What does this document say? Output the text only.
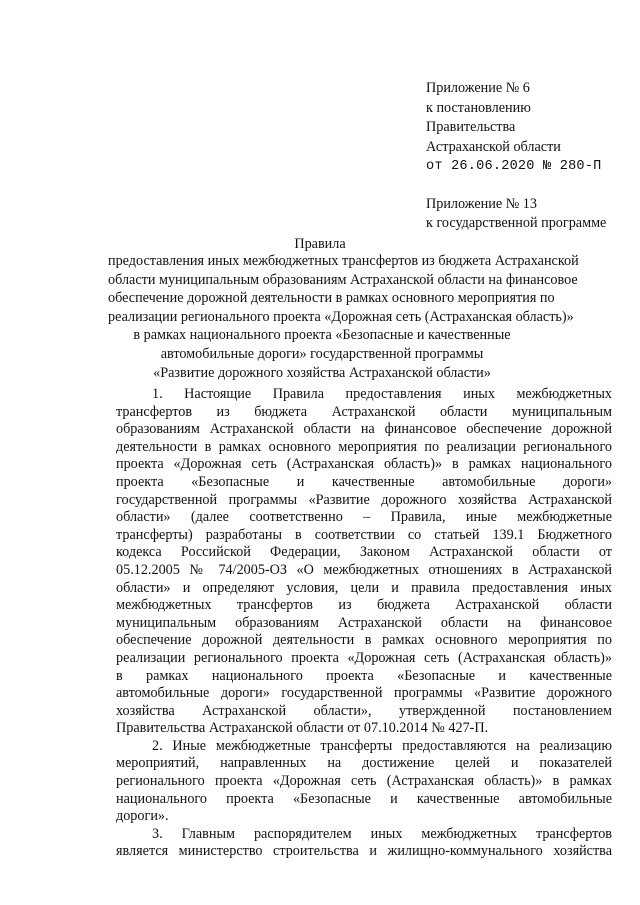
Приложение № 6
к постановлению
Правительства
Астраханской области
от 26.06.2020 № 280-П
Приложение № 13
к государственной программе
Правила
предоставления иных межбюджетных трансфертов из бюджета Астраханской
области муниципальным образованиям Астраханской области на финансовое
обеспечение дорожной деятельности в рамках основного мероприятия по
реализации регионального проекта «Дорожная сеть (Астраханская область)»
в рамках национального проекта «Безопасные и качественные
автомобильные дороги» государственной программы
«Развитие дорожного хозяйства Астраханской области»
1. Настоящие Правила предоставления иных межбюджетных
трансфертов из бюджета Астраханской области муниципальным
образованиям Астраханской области на финансовое обеспечение дорожной
деятельности в рамках основного мероприятия по реализации регионального
проекта «Дорожная сеть (Астраханская область)» в рамках национального
проекта «Безопасные и качественные автомобильные дороги»
государственной программы «Развитие дорожного хозяйства Астраханской
области» (далее соответственно – Правила, иные межбюджетные
трансферты) разработаны в соответствии со статьей 139.1 Бюджетного
кодекса Российской Федерации, Законом Астраханской области от
05.12.2005 № 74/2005-ОЗ «О межбюджетных отношениях в Астраханской
области» и определяют условия, цели и правила предоставления иных
межбюджетных трансфертов из бюджета Астраханской области
муниципальным образованиям Астраханской области на финансовое
обеспечение дорожной деятельности в рамках основного мероприятия по
реализации регионального проекта «Дорожная сеть (Астраханская область)»
в рамках национального проекта «Безопасные и качественные
автомобильные дороги» государственной программы «Развитие дорожного
хозяйства Астраханской области», утвержденной постановлением
Правительства Астраханской области от 07.10.2014 № 427-П.
2. Иные межбюджетные трансферты предоставляются на реализацию
мероприятий, направленных на достижение целей и показателей
регионального проекта «Дорожная сеть (Астраханская область)» в рамках
национального проекта «Безопасные и качественные автомобильные
дороги».
3. Главным распорядителем иных межбюджетных трансфертов
является министерство строительства и жилищно-коммунального хозяйства
